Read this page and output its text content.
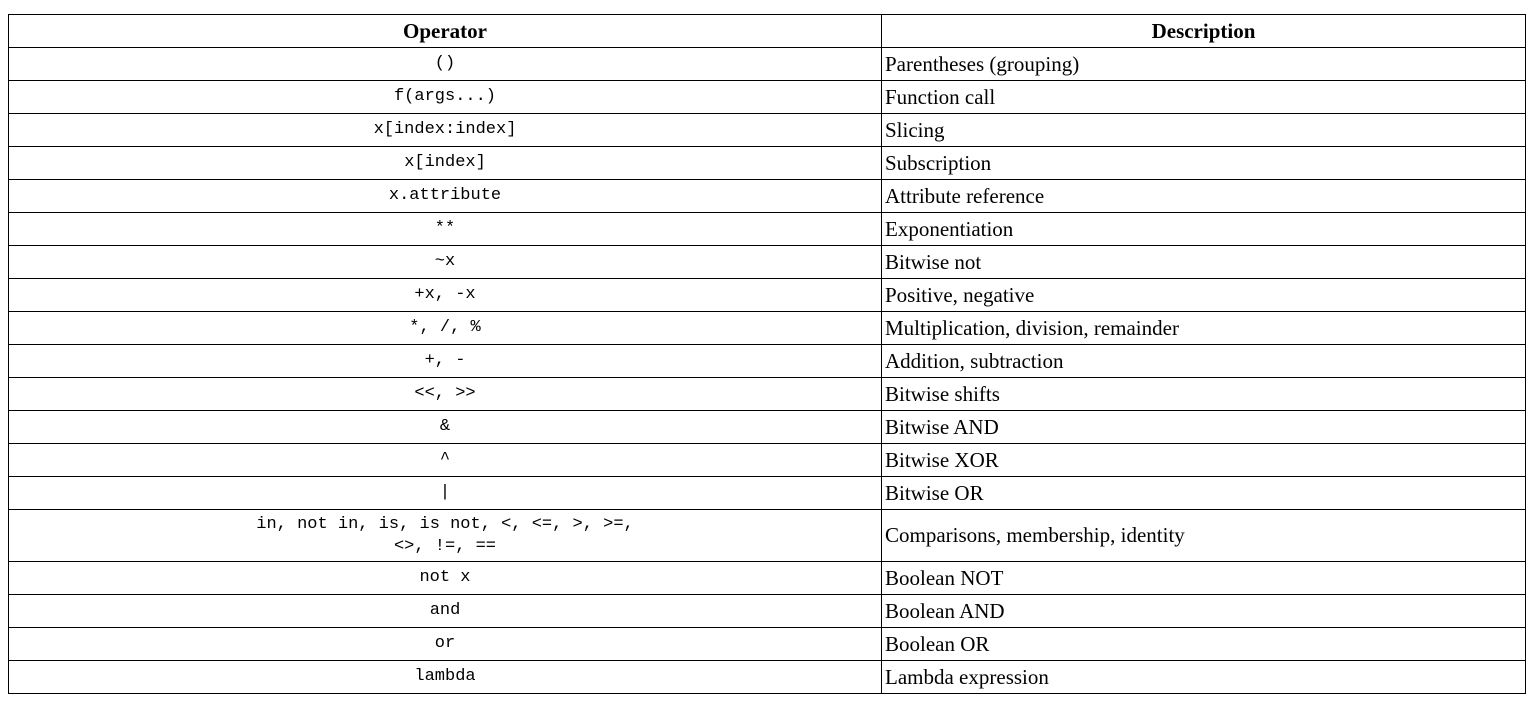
Operator	Description
()	Parentheses (grouping)
f(args...)	Function call
x[index:index]	Slicing
x[index]	Subscription
x.attribute	Attribute reference
**	Exponentiation
~x	Bitwise not
+x, -x	Positive, negative
*, /, %	Multiplication, division, remainder
+, -	Addition, subtraction
<<, >>	Bitwise shifts
&	Bitwise AND
^	Bitwise XOR
|	Bitwise OR
in, not in, is, is not, <, <=, >, >=,
<>, !=, ==	Comparisons, membership, identity
not x	Boolean NOT
and	Boolean AND
or	Boolean OR
lambda	Lambda expression
